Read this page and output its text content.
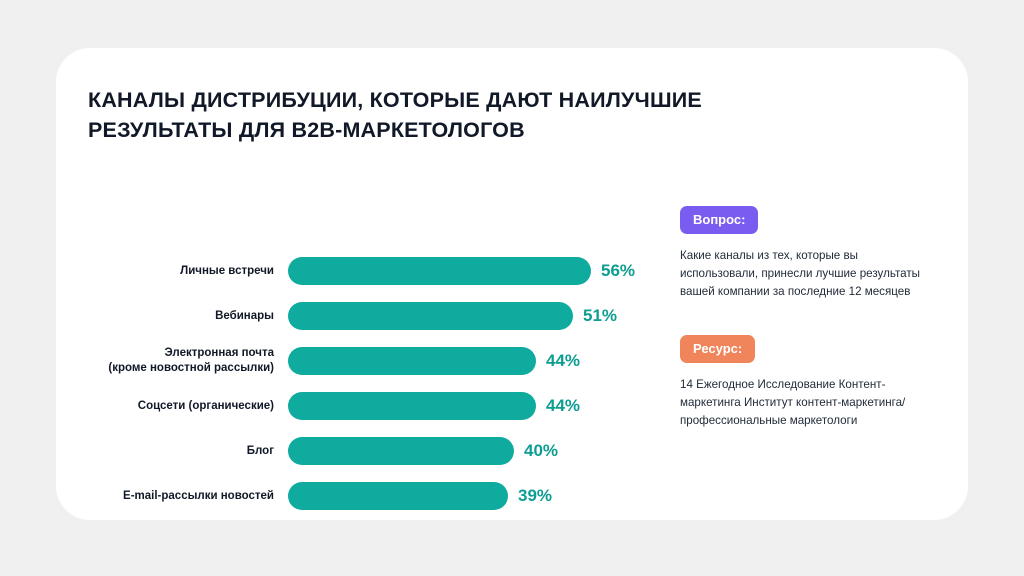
КАНАЛЫ ДИСТРИБУЦИИ, КОТОРЫЕ ДАЮТ НАИЛУЧШИЕ РЕЗУЛЬТАТЫ ДЛЯ B2B-МАРКЕТОЛОГОВ
Личные встречи	56%
Вебинары	51%
Электронная почта
(кроме новостной рассылки)	44%
Соцсети (органические)	44%
Блог	40%
E-mail-рассылки новостей	39%
Вопрос:
Какие каналы из тех, которые вы использовали, принесли лучшие результаты вашей компании за последние 12 месяцев
Ресурс:
14 Ежегодное Исследование Контент-маркетинга Институт контент-маркетинга/ профессиональные маркетологи
